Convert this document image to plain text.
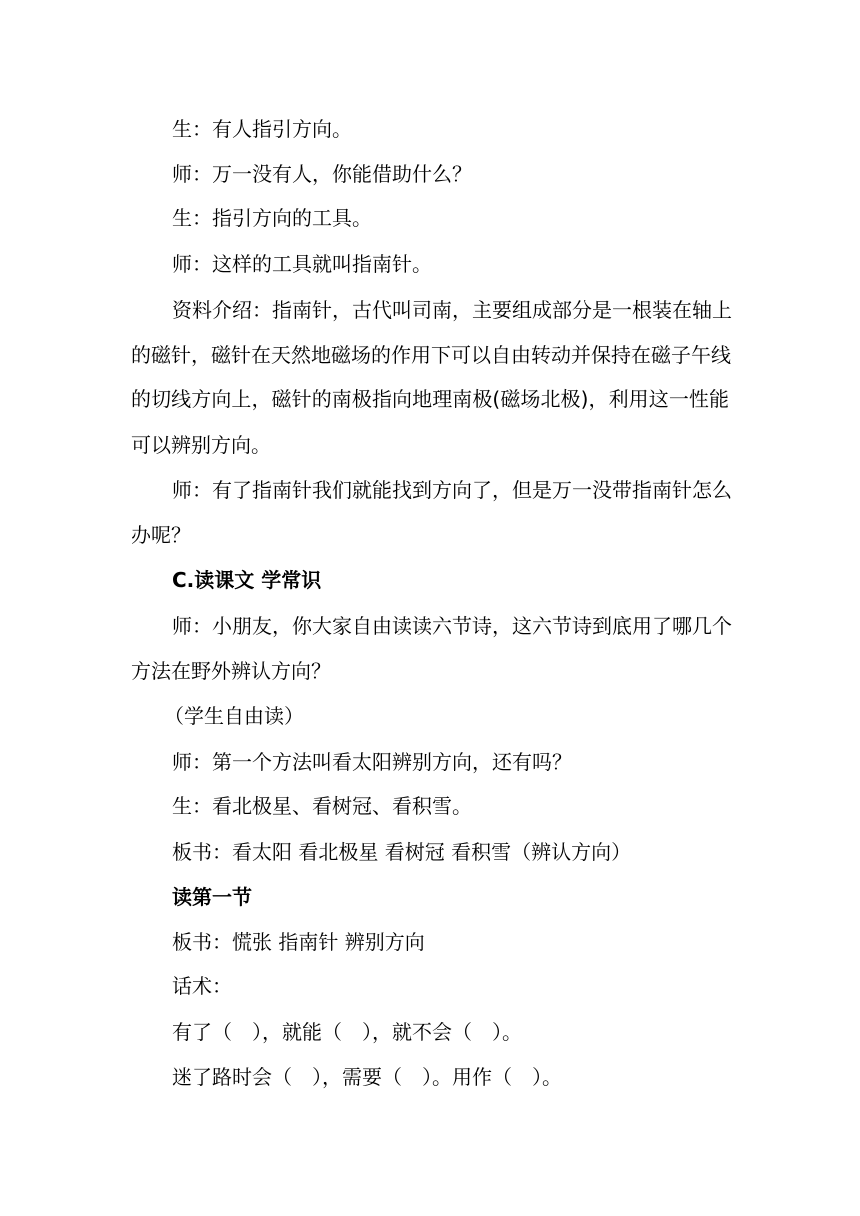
生：有人指引方向。

师：万一没有人，你能借助什么？

生：指引方向的工具。

师：这样的工具就叫指南针。

资料介绍：指南针，古代叫司南，主要组成部分是一根装在轴上

的磁针，磁针在天然地磁场的作用下可以自由转动并保持在磁子午线

的切线方向上，磁针的南极指向地理南极(磁场北极)，利用这一性能

可以辨别方向。

师：有了指南针我们就能找到方向了，但是万一没带指南针怎么

办呢？

C.读课文 学常识

师：小朋友，你大家自由读读六节诗，这六节诗到底用了哪几个

方法在野外辨认方向？

（学生自由读）

师：第一个方法叫看太阳辨别方向，还有吗？

生：看北极星、看树冠、看积雪。

板书：看太阳 看北极星 看树冠 看积雪（辨认方向）

读第一节

板书：慌张 指南针 辨别方向

话术：

有了（　），就能（　），就不会（　）。

迷了路时会（　），需要（　）。用作（　）。
